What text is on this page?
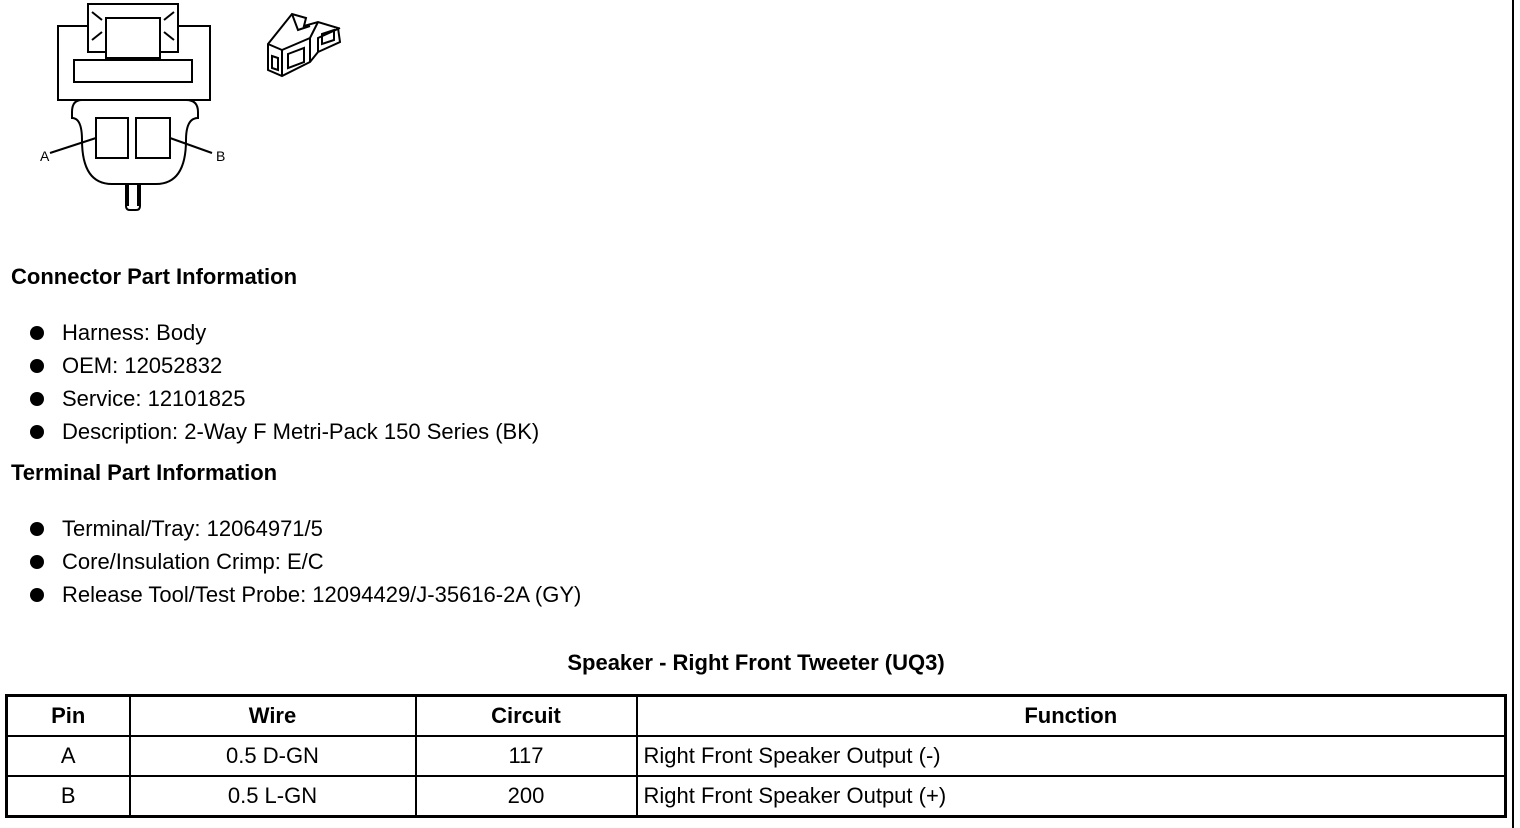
A	B
Connector Part Information
Harness: Body
OEM: 12052832
Service: 12101825
Description: 2-Way F Metri-Pack 150 Series (BK)
Terminal Part Information
Terminal/Tray: 12064971/5
Core/Insulation Crimp: E/C
Release Tool/Test Probe: 12094429/J-35616-2A (GY)
Speaker - Right Front Tweeter (UQ3)
Pin	Wire	Circuit	Function
A	0.5 D-GN	117	Right Front Speaker Output (-)
B	0.5 L-GN	200	Right Front Speaker Output (+)
